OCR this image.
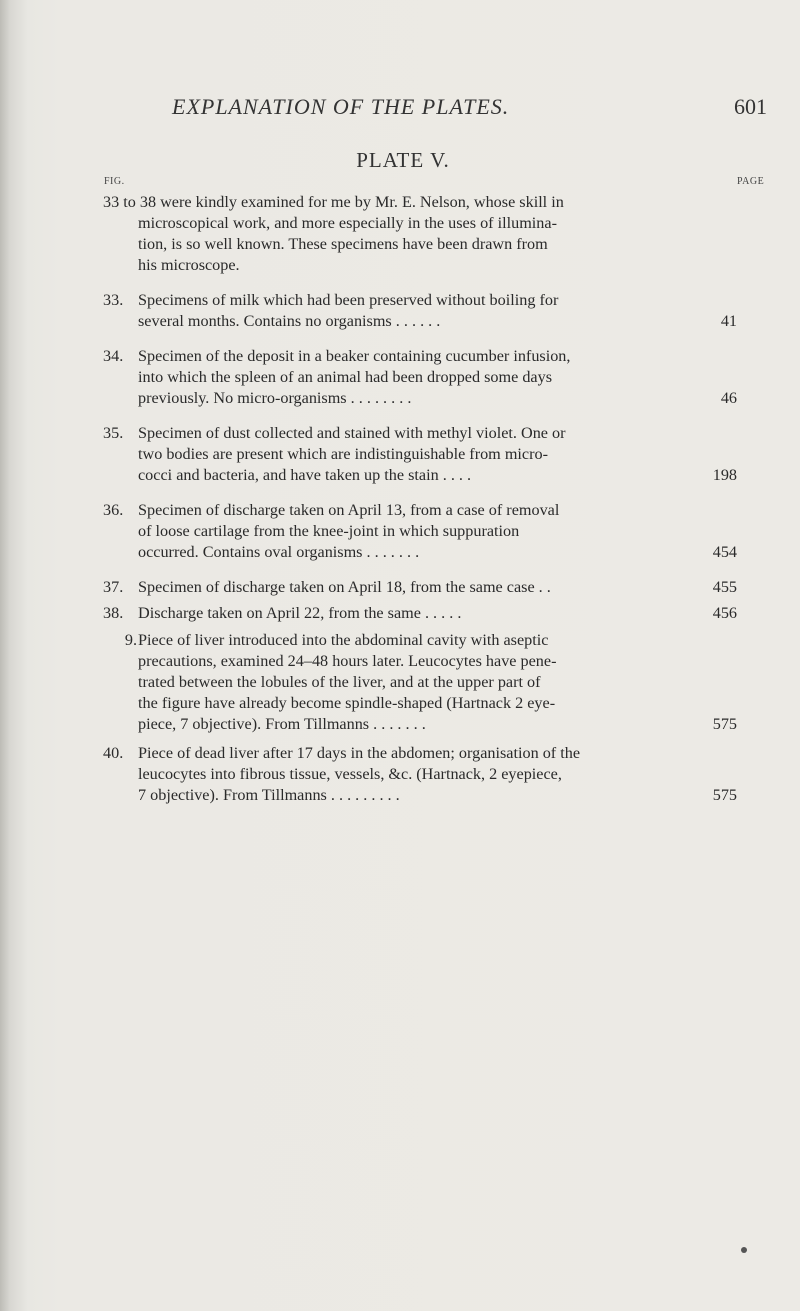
EXPLANATION OF THE PLATES.	601
PLATE V.
FIG.	PAGE
33 to 38 were kindly examined for me by Mr. E. Nelson, whose skill in
microscopical work, and more especially in the uses of illumina-
tion, is so well known. These specimens have been drawn from
his microscope.
33. Specimens of milk which had been preserved without boiling for
several months. Contains no organisms . . . . . .	41
34. Specimen of the deposit in a beaker containing cucumber infusion,
into which the spleen of an animal had been dropped some days
previously. No micro-organisms . . . . . . . .	46
35. Specimen of dust collected and stained with methyl violet. One or
two bodies are present which are indistinguishable from micro-
cocci and bacteria, and have taken up the stain . . . .	198
36. Specimen of discharge taken on April 13, from a case of removal
of loose cartilage from the knee-joint in which suppuration
occurred. Contains oval organisms . . . . . . .	454
37. Specimen of discharge taken on April 18, from the same case . .	455
38. Discharge taken on April 22, from the same . . . . .	456
9. Piece of liver introduced into the abdominal cavity with aseptic
precautions, examined 24–48 hours later. Leucocytes have pene-
trated between the lobules of the liver, and at the upper part of
the figure have already become spindle-shaped (Hartnack 2 eye-
piece, 7 objective). From Tillmanns . . . . . . .	575
40. Piece of dead liver after 17 days in the abdomen; organisation of the
leucocytes into fibrous tissue, vessels, &c. (Hartnack, 2 eyepiece,
7 objective). From Tillmanns . . . . . . . . .	575
